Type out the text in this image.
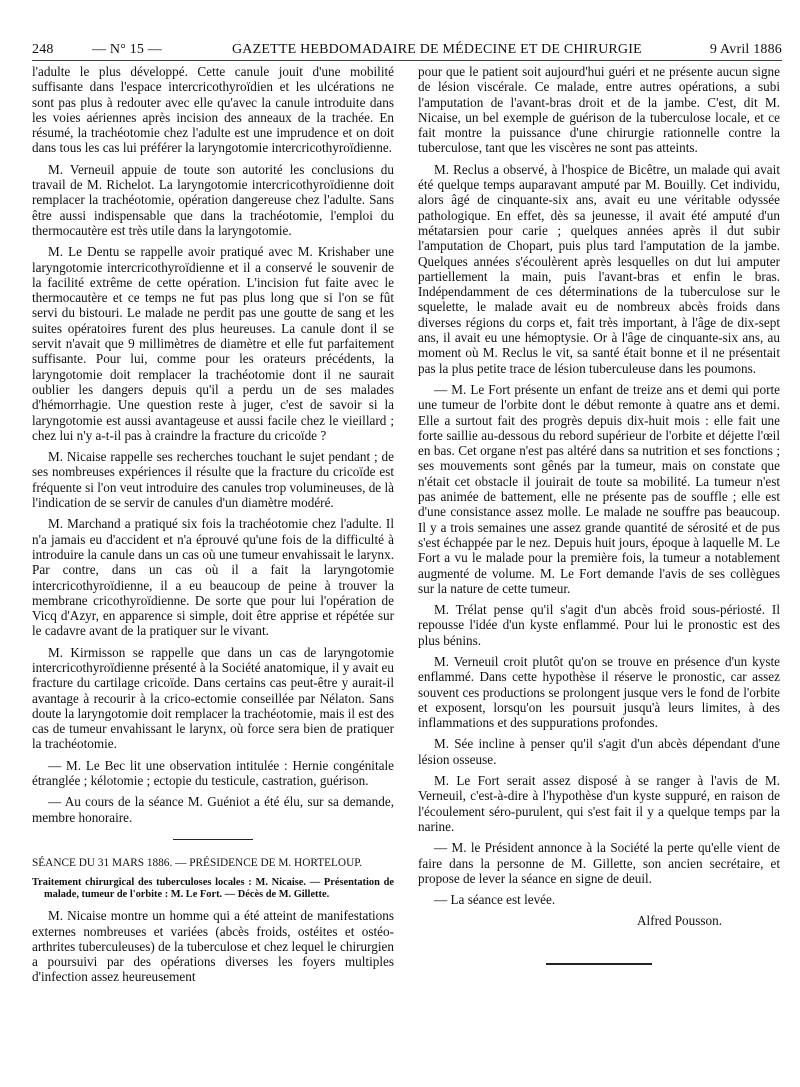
248	— N° 15 —	GAZETTE HEBDOMADAIRE DE MÉDECINE ET DE CHIRURGIE	9 Avril 1886

l'adulte le plus développé. Cette canule jouit d'une mobilité suffisante dans l'espace intercricothyroïdien et les ulcérations ne sont pas plus à redouter avec elle qu'avec la canule introduite dans les voies aériennes après incision des anneaux de la trachée. En résumé, la trachéotomie chez l'adulte est une imprudence et on doit dans tous les cas lui préférer la laryngotomie intercricothyroïdienne.

M. Verneuil appuie de toute son autorité les conclusions du travail de M. Richelot. La laryngotomie intercricothyroïdienne doit remplacer la trachéotomie, opération dangereuse chez l'adulte. Sans être aussi indispensable que dans la trachéotomie, l'emploi du thermocautère est très utile dans la laryngotomie.

M. Le Dentu se rappelle avoir pratiqué avec M. Krishaber une laryngotomie intercricothyroïdienne et il a conservé le souvenir de la facilité extrême de cette opération. L'incision fut faite avec le thermocautère et ce temps ne fut pas plus long que si l'on se fût servi du bistouri. Le malade ne perdit pas une goutte de sang et les suites opératoires furent des plus heureuses. La canule dont il se servit n'avait que 9 millimètres de diamètre et elle fut parfaitement suffisante. Pour lui, comme pour les orateurs précédents, la laryngotomie doit remplacer la trachéotomie dont il ne saurait oublier les dangers depuis qu'il a perdu un de ses malades d'hémorrhagie. Une question reste à juger, c'est de savoir si la laryngotomie est aussi avantageuse et aussi facile chez le vieillard ; chez lui n'y a-t-il pas à craindre la fracture du cricoïde ?

M. Nicaise rappelle ses recherches touchant le sujet pendant ; de ses nombreuses expériences il résulte que la fracture du cricoïde est fréquente si l'on veut introduire des canules trop volumineuses, de là l'indication de se servir de canules d'un diamètre modéré.

M. Marchand a pratiqué six fois la trachéotomie chez l'adulte. Il n'a jamais eu d'accident et n'a éprouvé qu'une fois de la difficulté à introduire la canule dans un cas où une tumeur envahissait le larynx. Par contre, dans un cas où il a fait la laryngotomie intercricothyroïdienne, il a eu beaucoup de peine à trouver la membrane cricothyroïdienne. De sorte que pour lui l'opération de Vicq d'Azyr, en apparence si simple, doit être apprise et répétée sur le cadavre avant de la pratiquer sur le vivant.

M. Kirmisson se rappelle que dans un cas de laryngotomie intercricothyroïdienne présenté à la Société anatomique, il y avait eu fracture du cartilage cricoïde. Dans certains cas peut-être y aurait-il avantage à recourir à la crico-ectomie conseillée par Nélaton. Sans doute la laryngotomie doit remplacer la trachéotomie, mais il est des cas de tumeur envahissant le larynx, où force sera bien de pratiquer la trachéotomie.

— M. Le Bec lit une observation intitulée : Hernie congénitale étranglée ; kélotomie ; ectopie du testicule, castration, guérison.

— Au cours de la séance M. Guéniot a été élu, sur sa demande, membre honoraire.

SÉANCE DU 31 MARS 1886. — PRÉSIDENCE DE M. HORTELOUP.

Traitement chirurgical des tuberculoses locales : M. Nicaise. — Présentation de malade, tumeur de l'orbite : M. Le Fort. — Décès de M. Gillette.

M. Nicaise montre un homme qui a été atteint de manifestations externes nombreuses et variées (abcès froids, ostéites et ostéo-arthrites tuberculeuses) de la tuberculose et chez lequel le chirurgien a poursuivi par des opérations diverses les foyers multiples d'infection assez heureusement

pour que le patient soit aujourd'hui guéri et ne présente aucun signe de lésion viscérale. Ce malade, entre autres opérations, a subi l'amputation de l'avant-bras droit et de la jambe. C'est, dit M. Nicaise, un bel exemple de guérison de la tuberculose locale, et ce fait montre la puissance d'une chirurgie rationnelle contre la tuberculose, tant que les viscères ne sont pas atteints.

M. Reclus a observé, à l'hospice de Bicêtre, un malade qui avait été quelque temps auparavant amputé par M. Bouilly. Cet individu, alors âgé de cinquante-six ans, avait eu une véritable odyssée pathologique. En effet, dès sa jeunesse, il avait été amputé d'un métatarsien pour carie ; quelques années après il dut subir l'amputation de Chopart, puis plus tard l'amputation de la jambe. Quelques années s'écoulèrent après lesquelles on dut lui amputer partiellement la main, puis l'avant-bras et enfin le bras. Indépendamment de ces déterminations de la tuberculose sur le squelette, le malade avait eu de nombreux abcès froids dans diverses régions du corps et, fait très important, à l'âge de dix-sept ans, il avait eu une hémoptysie. Or à l'âge de cinquante-six ans, au moment où M. Reclus le vit, sa santé était bonne et il ne présentait pas la plus petite trace de lésion tuberculeuse dans les poumons.

— M. Le Fort présente un enfant de treize ans et demi qui porte une tumeur de l'orbite dont le début remonte à quatre ans et demi. Elle a surtout fait des progrès depuis dix-huit mois : elle fait une forte saillie au-dessous du rebord supérieur de l'orbite et déjette l'œil en bas. Cet organe n'est pas altéré dans sa nutrition et ses fonctions ; ses mouvements sont gênés par la tumeur, mais on constate que n'était cet obstacle il jouirait de toute sa mobilité. La tumeur n'est pas animée de battement, elle ne présente pas de souffle ; elle est d'une consistance assez molle. Le malade ne souffre pas beaucoup. Il y a trois semaines une assez grande quantité de sérosité et de pus s'est échappée par le nez. Depuis huit jours, époque à laquelle M. Le Fort a vu le malade pour la première fois, la tumeur a notablement augmenté de volume. M. Le Fort demande l'avis de ses collègues sur la nature de cette tumeur.

M. Trélat pense qu'il s'agit d'un abcès froid sous-périosté. Il repousse l'idée d'un kyste enflammé. Pour lui le pronostic est des plus bénins.

M. Verneuil croit plutôt qu'on se trouve en présence d'un kyste enflammé. Dans cette hypothèse il réserve le pronostic, car assez souvent ces productions se prolongent jusque vers le fond de l'orbite et exposent, lorsqu'on les poursuit jusqu'à leurs limites, à des inflammations et des suppurations profondes.

M. Sée incline à penser qu'il s'agit d'un abcès dépendant d'une lésion osseuse.

M. Le Fort serait assez disposé à se ranger à l'avis de M. Verneuil, c'est-à-dire à l'hypothèse d'un kyste suppuré, en raison de l'écoulement séro-purulent, qui s'est fait il y a quelque temps par la narine.

— M. le Président annonce à la Société la perte qu'elle vient de faire dans la personne de M. Gillette, son ancien secrétaire, et propose de lever la séance en signe de deuil.

— La séance est levée.

Alfred Pousson.
